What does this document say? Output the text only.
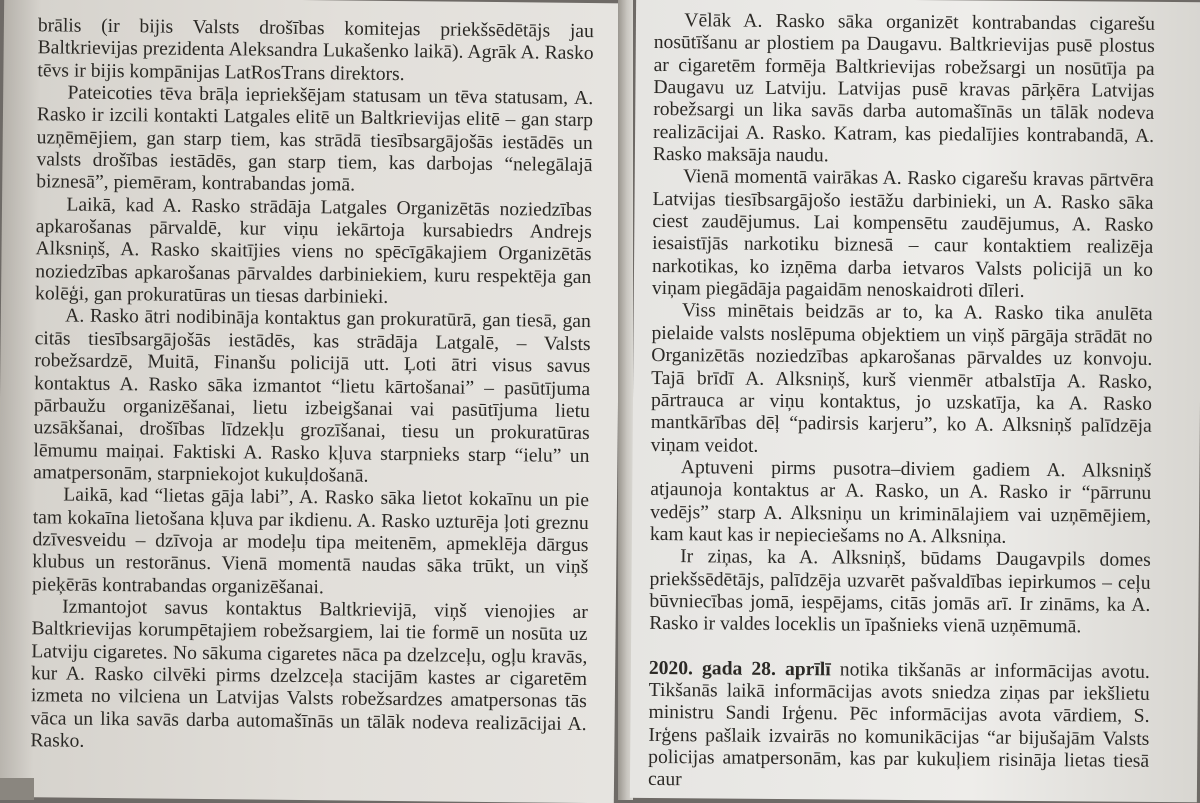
brālis (ir bijis Valsts drošības komitejas priekšsēdētājs jau Baltkrievijas prezidenta Aleksandra Lukašenko laikā). Agrāk A. Rasko tēvs ir bijis kompānijas LatRosTrans direktors.

Pateicoties tēva brāļa iepriekšējam statusam un tēva statusam, A. Rasko ir izcili kontakti Latgales elitē un Baltkrievijas elitē – gan starp uzņēmējiem, gan starp tiem, kas strādā tiesībsargājošās iestādēs un valsts drošības iestādēs, gan starp tiem, kas darbojas “nelegālajā biznesā”, piemēram, kontrabandas jomā.

Laikā, kad A. Rasko strādāja Latgales Organizētās noziedzības apkarošanas pārvaldē, kur viņu iekārtoja kursabiedrs Andrejs Alksniņš, A. Rasko skaitījies viens no spēcīgākajiem Organizētās noziedzības apkarošanas pārvaldes darbiniekiem, kuru respektēja gan kolēģi, gan prokuratūras un tiesas darbinieki.

A. Rasko ātri nodibināja kontaktus gan prokuratūrā, gan tiesā, gan citās tiesībsargājošās iestādēs, kas strādāja Latgalē, – Valsts robežsardzē, Muitā, Finanšu policijā utt. Ļoti ātri visus savus kontaktus A. Rasko sāka izmantot “lietu kārtošanai” – pasūtījuma pārbaužu organizēšanai, lietu izbeigšanai vai pasūtījuma lietu uzsākšanai, drošības līdzekļu grozīšanai, tiesu un prokuratūras lēmumu maiņai. Faktiski A. Rasko kļuva starpnieks starp “ielu” un amatpersonām, starpniekojot kukuļdošanā.

Laikā, kad “lietas gāja labi”, A. Rasko sāka lietot kokaīnu un pie tam kokaīna lietošana kļuva par ikdienu. A. Rasko uzturēja ļoti greznu dzīvesveidu – dzīvoja ar modeļu tipa meitenēm, apmeklēja dārgus klubus un restorānus. Vienā momentā naudas sāka trūkt, un viņš pieķērās kontrabandas organizēšanai.

Izmantojot savus kontaktus Baltkrievijā, viņš vienojies ar Baltkrievijas korumpētajiem robežsargiem, lai tie formē un nosūta uz Latviju cigaretes. No sākuma cigaretes nāca pa dzelzceļu, ogļu kravās, kur A. Rasko cilvēki pirms dzelzceļa stacijām kastes ar cigaretēm izmeta no vilciena un Latvijas Valsts robežsardzes amatpersonas tās vāca un lika savās darba automašīnās un tālāk nodeva realizācijai A. Rasko.

Vēlāk A. Rasko sāka organizēt kontrabandas cigarešu nosūtīšanu ar plostiem pa Daugavu. Baltkrievijas pusē plostus ar cigaretēm formēja Baltkrievijas robežsargi un nosūtīja pa Daugavu uz Latviju. Latvijas pusē kravas pārķēra Latvijas robežsargi un lika savās darba automašīnās un tālāk nodeva realizācijai A. Rasko. Katram, kas piedalījies kontrabandā, A. Rasko maksāja naudu.

Vienā momentā vairākas A. Rasko cigarešu kravas pārtvēra Latvijas tiesībsargājošo iestāžu darbinieki, un A. Rasko sāka ciest zaudējumus. Lai kompensētu zaudējumus, A. Rasko iesaistījās narkotiku biznesā – caur kontaktiem realizēja narkotikas, ko izņēma darba ietvaros Valsts policijā un ko viņam piegādāja pagaidām nenoskaidroti dīleri.

Viss minētais beidzās ar to, ka A. Rasko tika anulēta pielaide valsts noslēpuma objektiem un viņš pārgāja strādāt no Organizētās noziedzības apkarošanas pārvaldes uz konvoju. Tajā brīdī A. Alksniņš, kurš vienmēr atbalstīja A. Rasko, pārtrauca ar viņu kontaktus, jo uzskatīja, ka A. Rasko mantkārības dēļ “padirsis karjeru”, ko A. Alksniņš palīdzēja viņam veidot.

Aptuveni pirms pusotra–diviem gadiem A. Alksniņš atjaunoja kontaktus ar A. Rasko, un A. Rasko ir “pārrunu vedējs” starp A. Alksniņu un kriminālajiem vai uzņēmējiem, kam kaut kas ir nepieciešams no A. Alksniņa.

Ir ziņas, ka A. Alksniņš, būdams Daugavpils domes priekšsēdētājs, palīdzēja uzvarēt pašvaldības iepirkumos – ceļu būvniecības jomā, iespējams, citās jomās arī. Ir zināms, ka A. Rasko ir valdes loceklis un īpašnieks vienā uzņēmumā.

2020. gada 28. aprīlī notika tikšanās ar informācijas avotu. Tikšanās laikā informācijas avots sniedza ziņas par iekšlietu ministru Sandi Irģenu. Pēc informācijas avota vārdiem, S. Irģens pašlaik izvairās no komunikācijas “ar bijušajām Valsts policijas amatpersonām, kas par kukuļiem risināja lietas tiesā caur
